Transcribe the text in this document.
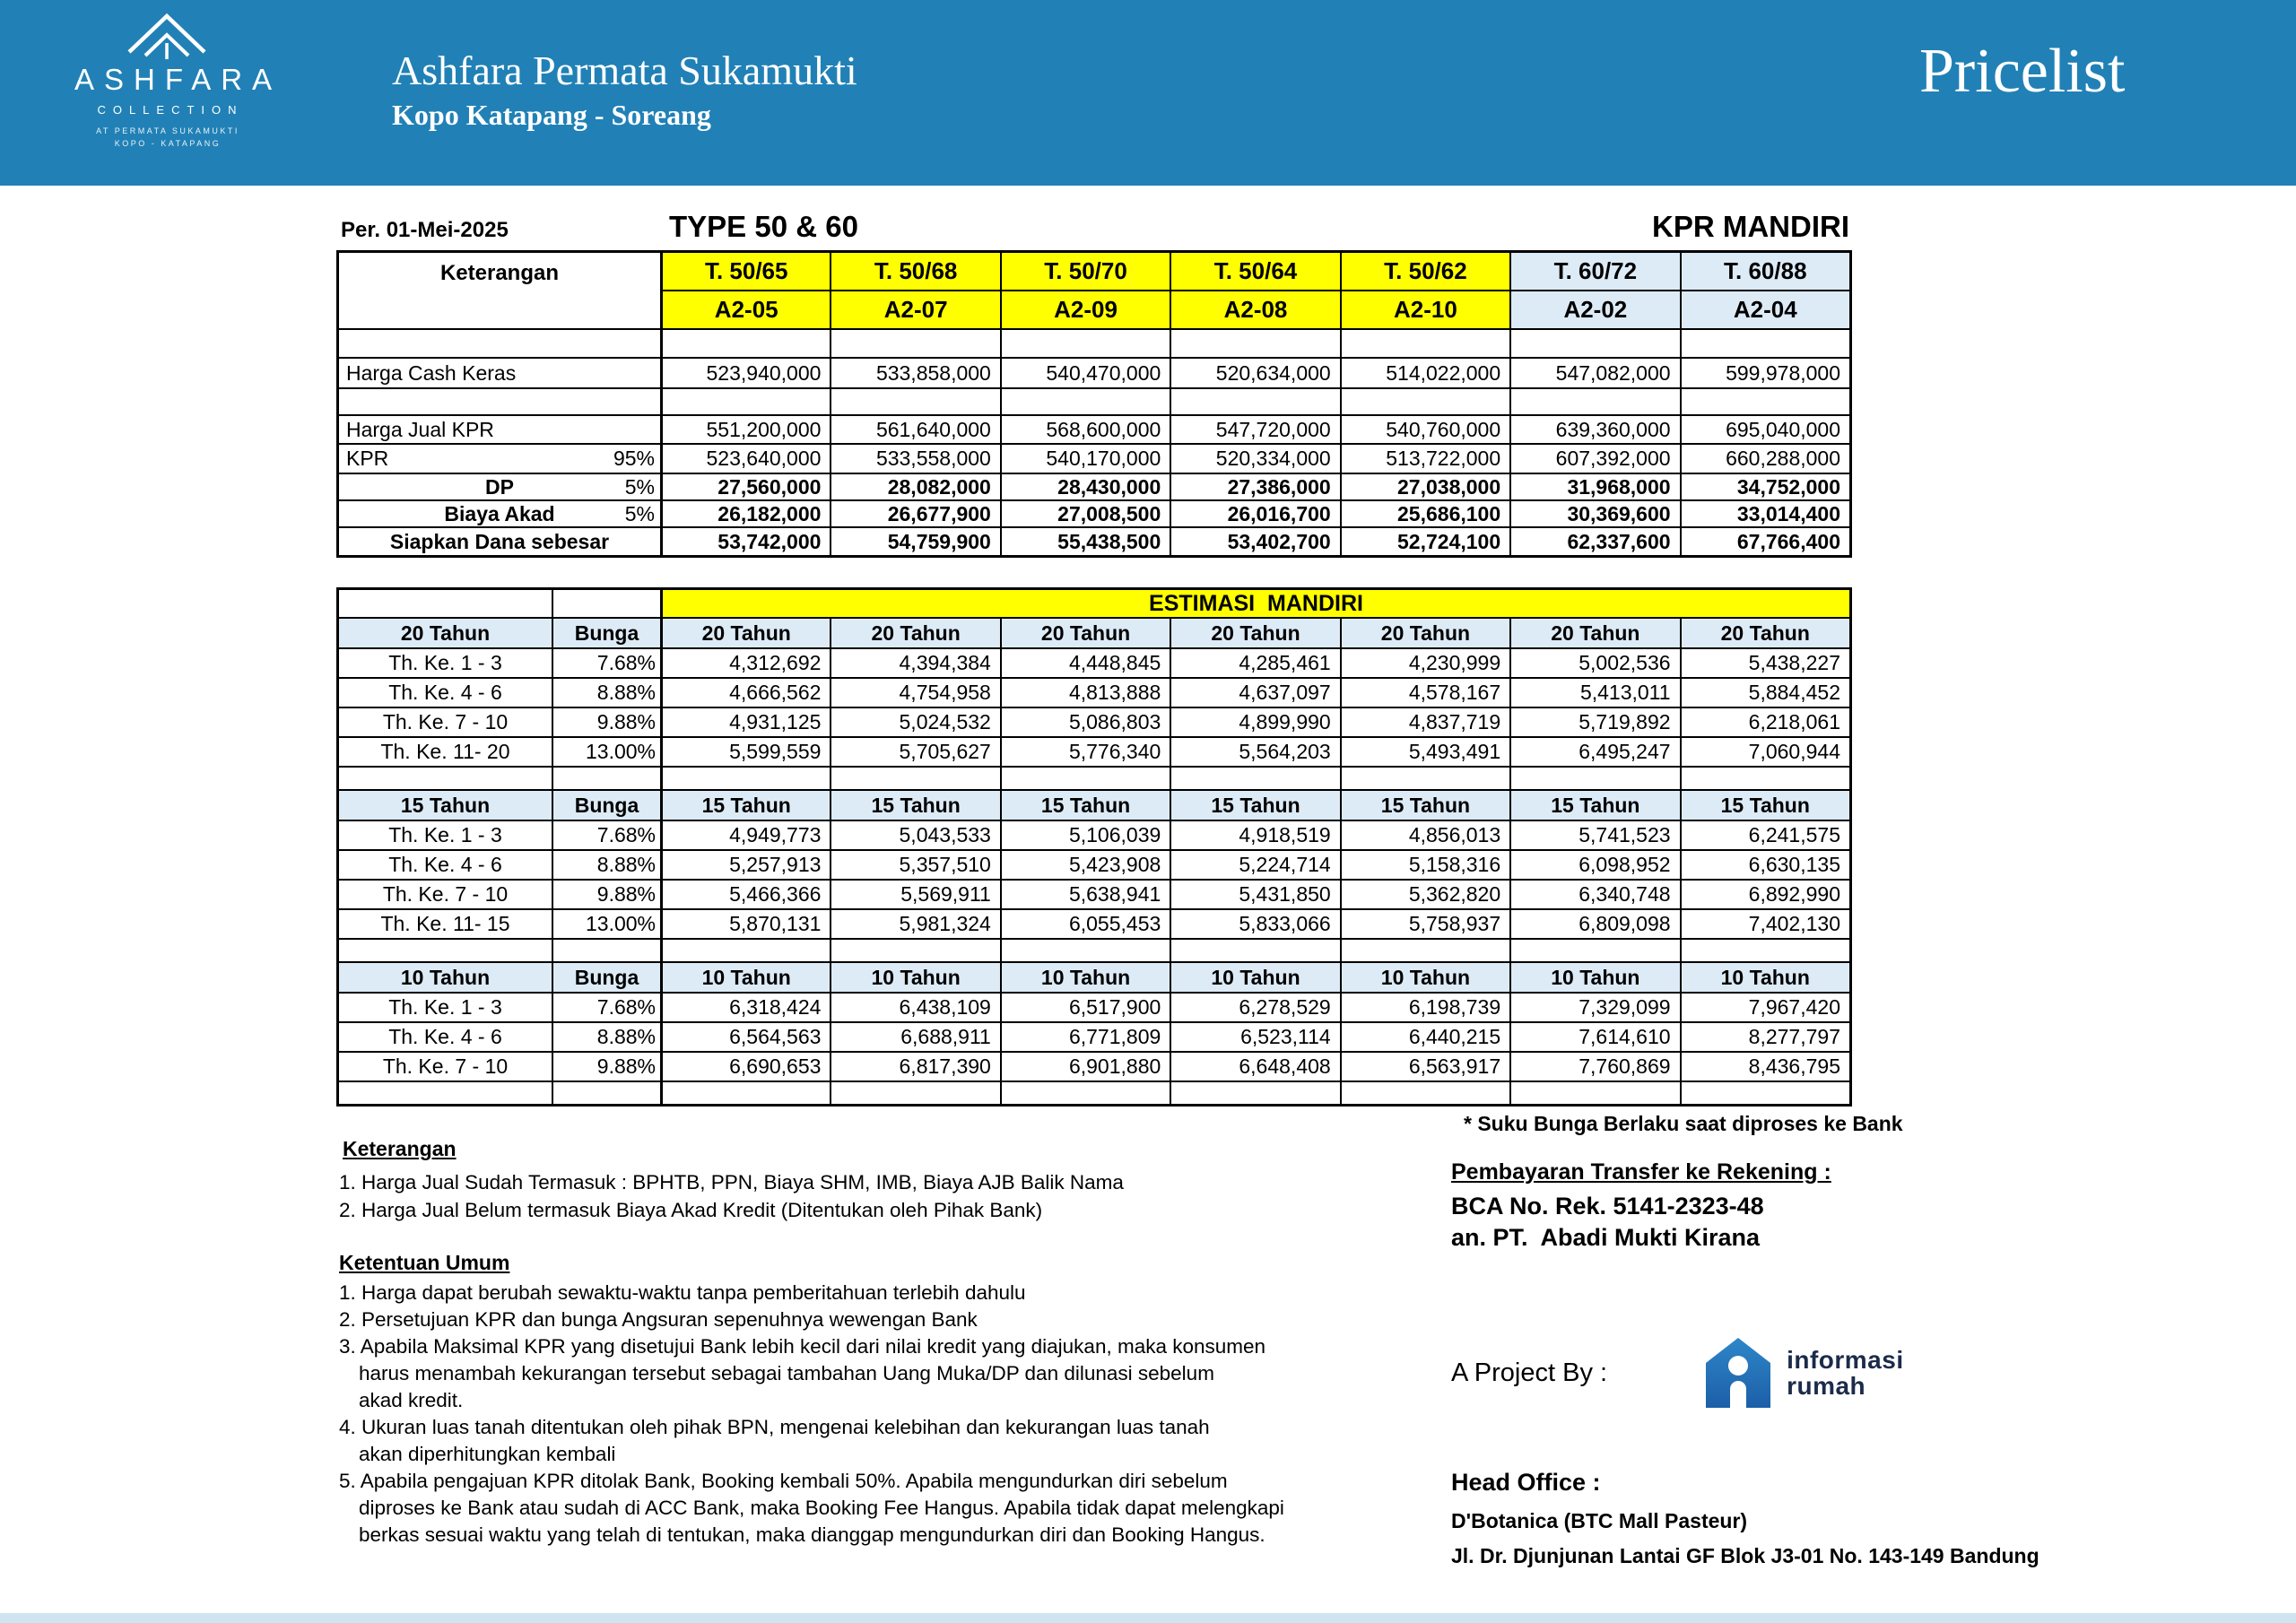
ASHFARA
COLLECTION
AT PERMATA SUKAMUKTI
KOPO - KATAPANG
Ashfara Permata Sukamukti
Kopo Katapang - Soreang
Pricelist
Per. 01-Mei-2025	TYPE 50 & 60	KPR MANDIRI
Keterangan	T. 50/65	T. 50/68	T. 50/70	T. 50/64	T. 50/62	T. 60/72	T. 60/88
A2-05	A2-07	A2-09	A2-08	A2-10	A2-02	A2-04
Harga Cash Keras	523,940,000	533,858,000	540,470,000	520,634,000	514,022,000	547,082,000	599,978,000
Harga Jual KPR	551,200,000	561,640,000	568,600,000	547,720,000	540,760,000	639,360,000	695,040,000
KPR	95%	523,640,000	533,558,000	540,170,000	520,334,000	513,722,000	607,392,000	660,288,000
DP	5%	27,560,000	28,082,000	28,430,000	27,386,000	27,038,000	31,968,000	34,752,000
Biaya Akad	5%	26,182,000	26,677,900	27,008,500	26,016,700	25,686,100	30,369,600	33,014,400
Siapkan Dana sebesar	53,742,000	54,759,900	55,438,500	53,402,700	52,724,100	62,337,600	67,766,400
ESTIMASI  MANDIRI
20 Tahun	Bunga	20 Tahun	20 Tahun	20 Tahun	20 Tahun	20 Tahun	20 Tahun	20 Tahun
Th. Ke. 1 - 3	7.68%	4,312,692	4,394,384	4,448,845	4,285,461	4,230,999	5,002,536	5,438,227
Th. Ke. 4 - 6	8.88%	4,666,562	4,754,958	4,813,888	4,637,097	4,578,167	5,413,011	5,884,452
Th. Ke. 7 - 10	9.88%	4,931,125	5,024,532	5,086,803	4,899,990	4,837,719	5,719,892	6,218,061
Th. Ke. 11- 20	13.00%	5,599,559	5,705,627	5,776,340	5,564,203	5,493,491	6,495,247	7,060,944
15 Tahun	Bunga	15 Tahun	15 Tahun	15 Tahun	15 Tahun	15 Tahun	15 Tahun	15 Tahun
Th. Ke. 1 - 3	7.68%	4,949,773	5,043,533	5,106,039	4,918,519	4,856,013	5,741,523	6,241,575
Th. Ke. 4 - 6	8.88%	5,257,913	5,357,510	5,423,908	5,224,714	5,158,316	6,098,952	6,630,135
Th. Ke. 7 - 10	9.88%	5,466,366	5,569,911	5,638,941	5,431,850	5,362,820	6,340,748	6,892,990
Th. Ke. 11- 15	13.00%	5,870,131	5,981,324	6,055,453	5,833,066	5,758,937	6,809,098	7,402,130
10 Tahun	Bunga	10 Tahun	10 Tahun	10 Tahun	10 Tahun	10 Tahun	10 Tahun	10 Tahun
Th. Ke. 1 - 3	7.68%	6,318,424	6,438,109	6,517,900	6,278,529	6,198,739	7,329,099	7,967,420
Th. Ke. 4 - 6	8.88%	6,564,563	6,688,911	6,771,809	6,523,114	6,440,215	7,614,610	8,277,797
Th. Ke. 7 - 10	9.88%	6,690,653	6,817,390	6,901,880	6,648,408	6,563,917	7,760,869	8,436,795
Keterangan
1. Harga Jual Sudah Termasuk : BPHTB, PPN, Biaya SHM, IMB, Biaya AJB Balik Nama
2. Harga Jual Belum termasuk Biaya Akad Kredit (Ditentukan oleh Pihak Bank)
Ketentuan Umum
1. Harga dapat berubah sewaktu-waktu tanpa pemberitahuan terlebih dahulu
2. Persetujuan KPR dan bunga Angsuran sepenuhnya wewengan Bank
3. Apabila Maksimal KPR yang disetujui Bank lebih kecil dari nilai kredit yang diajukan, maka konsumen
harus menambah kekurangan tersebut sebagai tambahan Uang Muka/DP dan dilunasi sebelum
akad kredit.
4. Ukuran luas tanah ditentukan oleh pihak BPN, mengenai kelebihan dan kekurangan luas tanah
akan diperhitungkan kembali
5. Apabila pengajuan KPR ditolak Bank, Booking kembali 50%. Apabila mengundurkan diri sebelum
diproses ke Bank atau sudah di ACC Bank, maka Booking Fee Hangus. Apabila tidak dapat melengkapi
berkas sesuai waktu yang telah di tentukan, maka dianggap mengundurkan diri dan Booking Hangus.
* Suku Bunga Berlaku saat diproses ke Bank
Pembayaran Transfer ke Rekening :
BCA No. Rek. 5141-2323-48
an. PT.  Abadi Mukti Kirana
A Project By :	informasi
rumah
Head Office :
D'Botanica (BTC Mall Pasteur)
Jl. Dr. Djunjunan Lantai GF Blok J3-01 No. 143-149 Bandung
